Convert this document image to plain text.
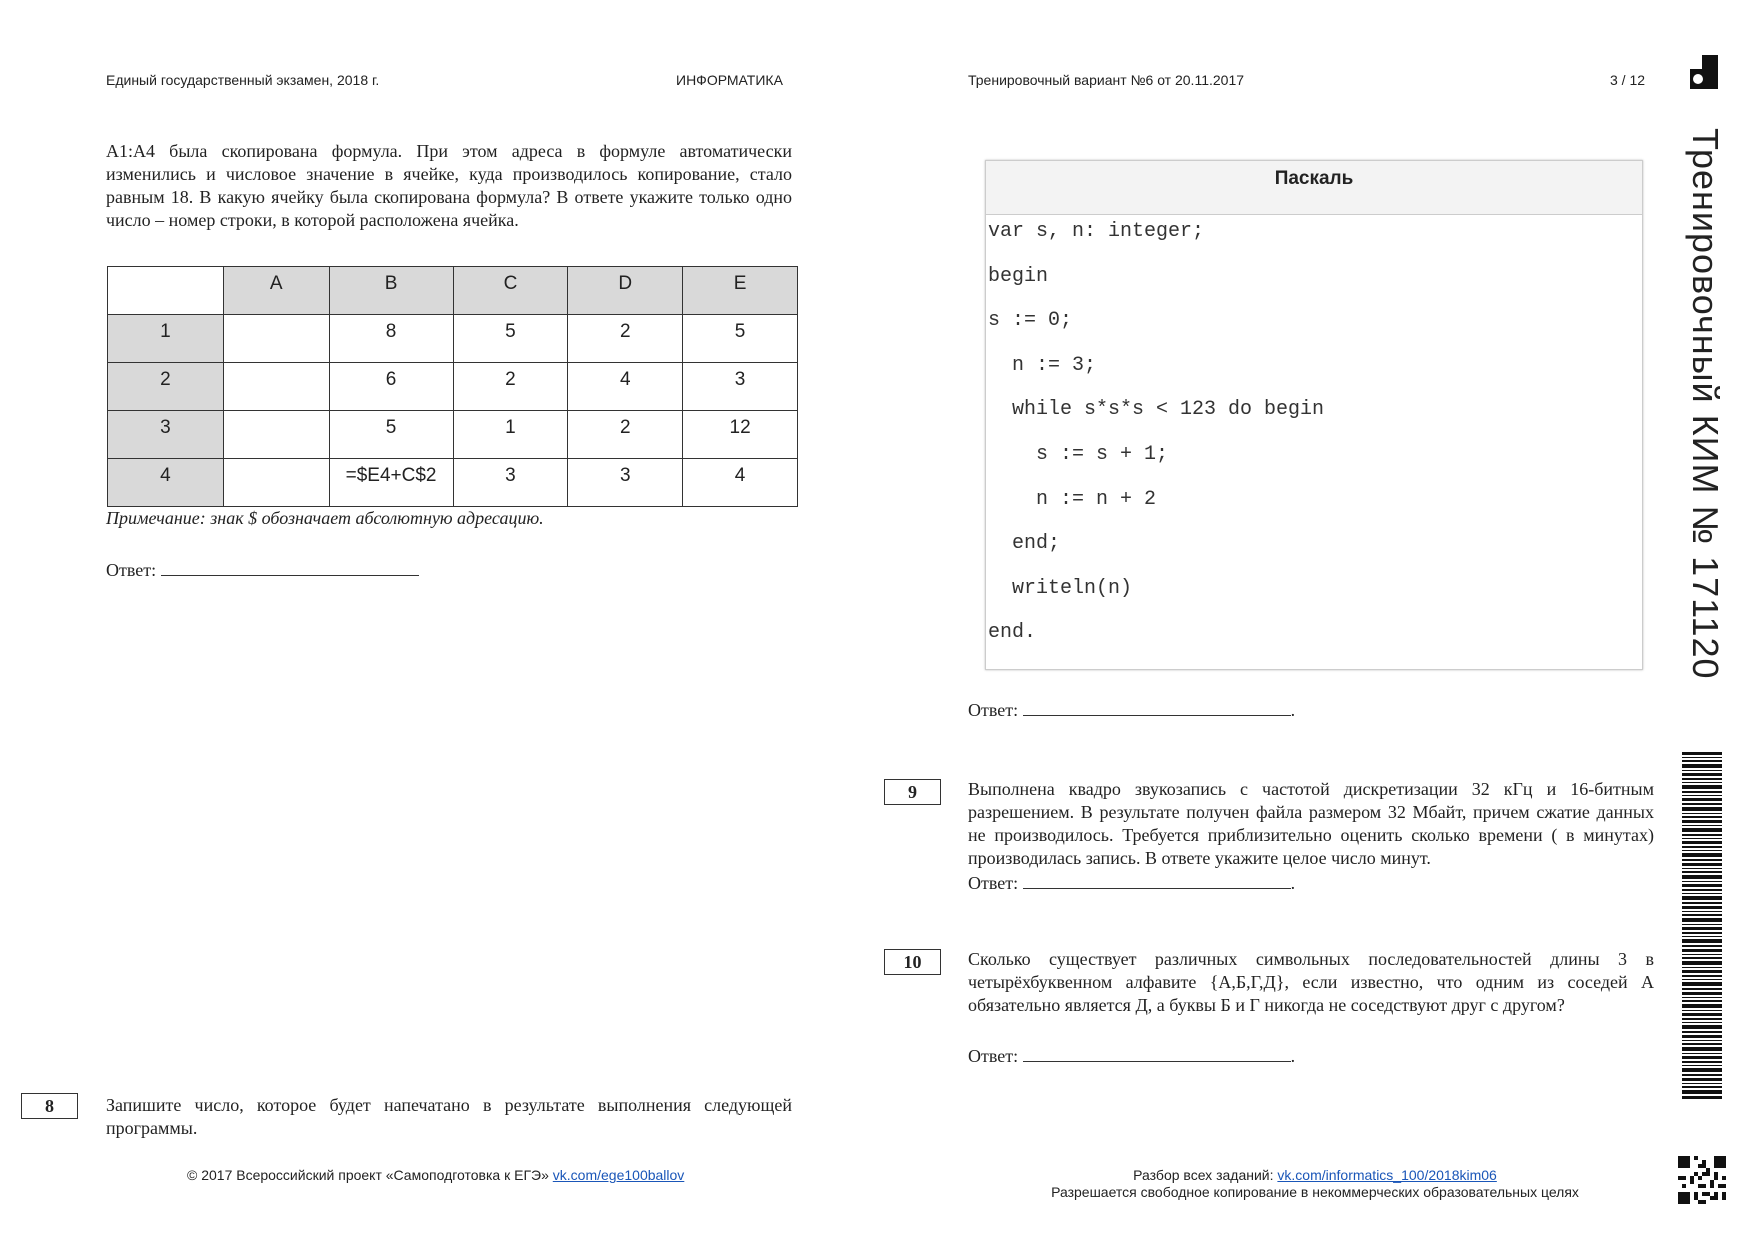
Единый государственный экзамен, 2018 г.	ИНФОРМАТИКА	Тренировочный вариант №6 от 20.11.2017	3 / 12
Тренировочный КИМ № 171120
A1:A4 была скопирована формула. При этом адреса в формуле автоматически изменились и числовое значение в ячейке, куда производилось копирование, стало равным 18. В какую ячейку была скопирована формула? В ответе укажите только одно число – номер строки, в которой расположена ячейка.
	A	B	C	D	E
1		8	5	2	5
2		6	2	4	3
3		5	1	2	12
4		=$E4+C$2	3	3	4
Примечание: знак $ обозначает абсолютную адресацию.
Ответ:
8	Запишите число, которое будет напечатано в результате выполнения следующей программы.
Паскаль
var s, n: integer;
begin
s := 0;
n := 3;
while s*s*s < 123 do begin
s := s + 1;
n := n + 2
end;
writeln(n)
end.
Ответ:	.
9	Выполнена квадро звукозапись с частотой дискретизации 32 кГц и 16-битным разрешением. В результате получен файла размером 32 Мбайт, причем сжатие данных не производилось. Требуется приблизительно оценить сколько времени ( в минутах) производилась запись. В ответе укажите целое число минут.
Ответ:	.
10	Сколько существует различных символьных последовательностей длины 3 в четырёхбуквенном алфавите {А,Б,Г,Д}, если известно, что одним из соседей А обязательно является Д, а буквы Б и Г никогда не соседствуют друг с другом?
Ответ:	.
© 2017 Всероссийский проект «Самоподготовка к ЕГЭ» vk.com/ege100ballov	Разбор всех заданий: vk.com/informatics_100/2018kim06
Разрешается свободное копирование в некоммерческих образовательных целях
